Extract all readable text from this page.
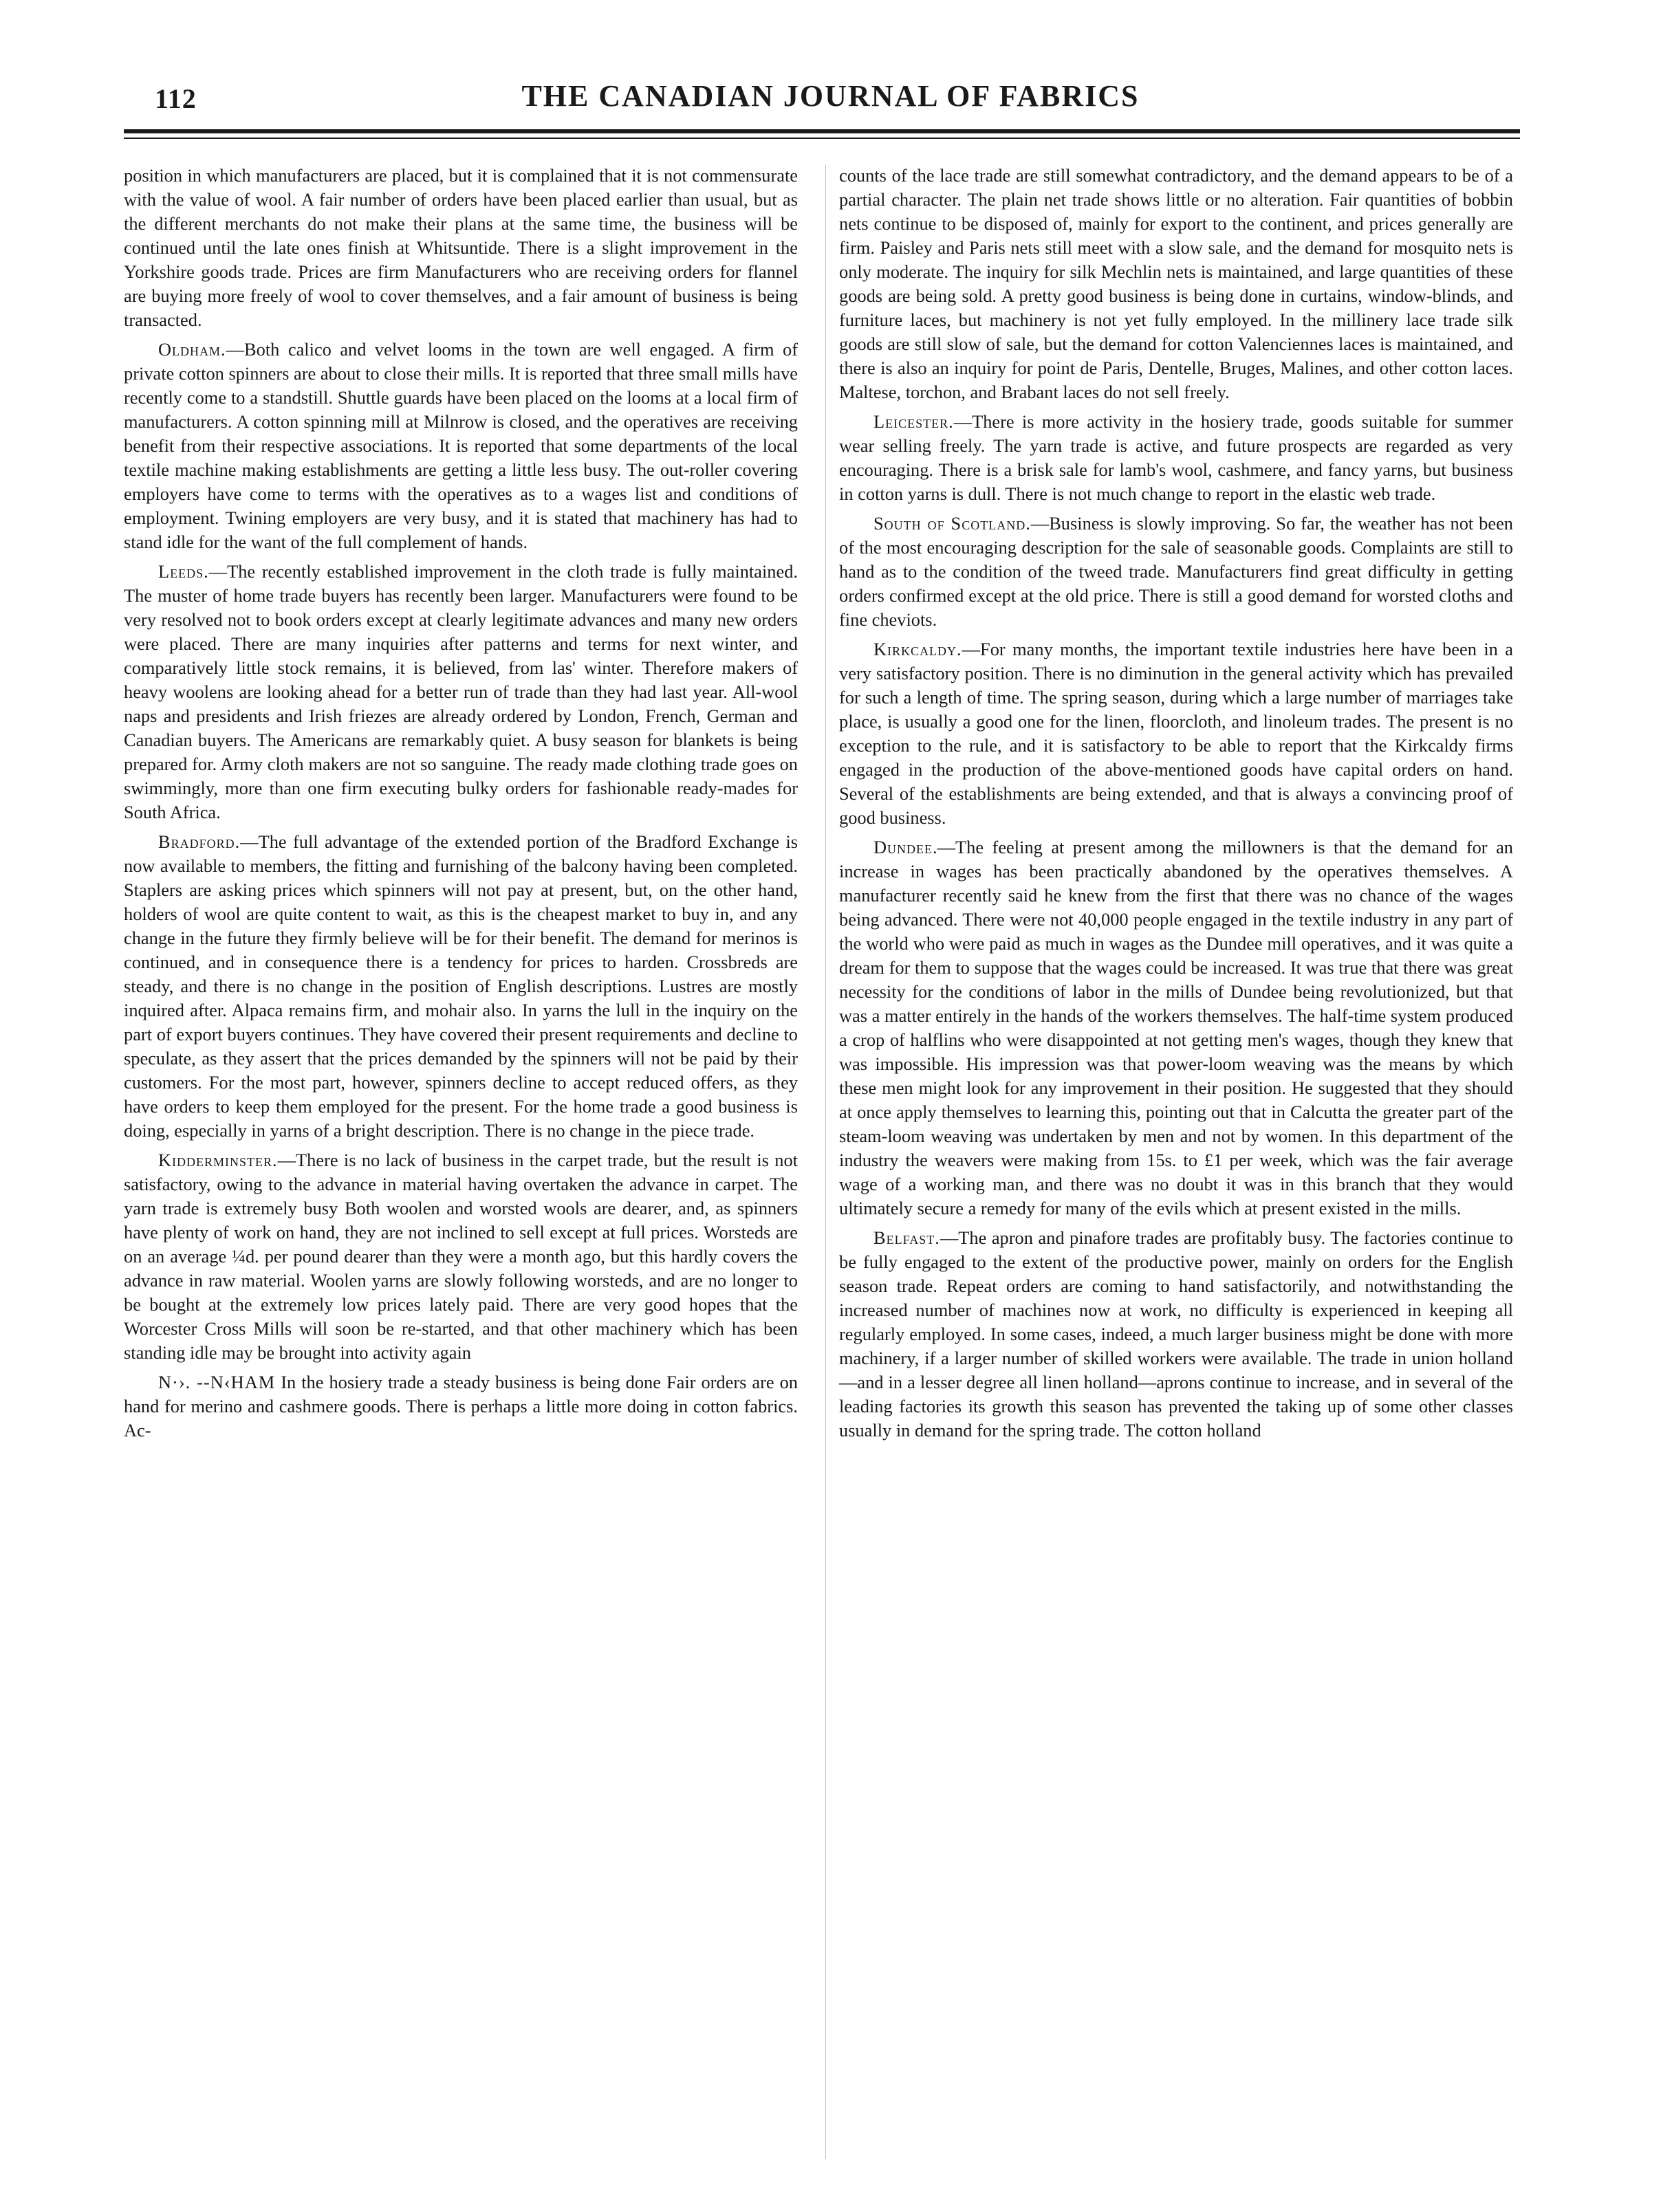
112	THE CANADIAN JOURNAL OF FABRICS

position in which manufacturers are placed, but it is complained that it is not commensurate with the value of wool. A fair number of orders have been placed earlier than usual, but as the different merchants do not make their plans at the same time, the business will be continued until the late ones finish at Whitsuntide. There is a slight improvement in the Yorkshire goods trade. Prices are firm Manufacturers who are receiving orders for flannel are buying more freely of wool to cover themselves, and a fair amount of business is being transacted.

Oldham.—Both calico and velvet looms in the town are well engaged. A firm of private cotton spinners are about to close their mills. It is reported that three small mills have recently come to a standstill. Shuttle guards have been placed on the looms at a local firm of manufacturers. A cotton spinning mill at Milnrow is closed, and the operatives are receiving benefit from their respective associations. It is reported that some departments of the local textile machine making establishments are getting a little less busy. The out-roller covering employers have come to terms with the operatives as to a wages list and conditions of employment. Twining employers are very busy, and it is stated that machinery has had to stand idle for the want of the full complement of hands.

Leeds.—The recently established improvement in the cloth trade is fully maintained. The muster of home trade buyers has recently been larger. Manufacturers were found to be very resolved not to book orders except at clearly legitimate advances and many new orders were placed. There are many inquiries after patterns and terms for next winter, and comparatively little stock remains, it is believed, from las' winter. Therefore makers of heavy woolens are looking ahead for a better run of trade than they had last year. All-wool naps and presidents and Irish friezes are already ordered by London, French, German and Canadian buyers. The Americans are remarkably quiet. A busy season for blankets is being prepared for. Army cloth makers are not so sanguine. The ready made clothing trade goes on swimmingly, more than one firm executing bulky orders for fashionable ready-mades for South Africa.

Bradford.—The full advantage of the extended portion of the Bradford Exchange is now available to members, the fitting and furnishing of the balcony having been completed. Staplers are asking prices which spinners will not pay at present, but, on the other hand, holders of wool are quite content to wait, as this is the cheapest market to buy in, and any change in the future they firmly believe will be for their benefit. The demand for merinos is continued, and in consequence there is a tendency for prices to harden. Crossbreds are steady, and there is no change in the position of English descriptions. Lustres are mostly inquired after. Alpaca remains firm, and mohair also. In yarns the lull in the inquiry on the part of export buyers continues. They have covered their present requirements and decline to speculate, as they assert that the prices demanded by the spinners will not be paid by their customers. For the most part, however, spinners decline to accept reduced offers, as they have orders to keep them employed for the present. For the home trade a good business is doing, especially in yarns of a bright description. There is no change in the piece trade.

Kidderminster.—There is no lack of business in the carpet trade, but the result is not satisfactory, owing to the advance in material having overtaken the advance in carpet. The yarn trade is extremely busy Both woolen and worsted wools are dearer, and, as spinners have plenty of work on hand, they are not inclined to sell except at full prices. Worsteds are on an average ¼d. per pound dearer than they were a month ago, but this hardly covers the advance in raw material. Woolen yarns are slowly following worsteds, and are no longer to be bought at the extremely low prices lately paid. There are very good hopes that the Worcester Cross Mills will soon be re-started, and that other machinery which has been standing idle may be brought into activity again

N·›. ‑‑N‹HAM In the hosiery trade a steady business is being done Fair orders are on hand for merino and cashmere goods. There is perhaps a little more doing in cotton fabrics. Ac-

counts of the lace trade are still somewhat contradictory, and the demand appears to be of a partial character. The plain net trade shows little or no alteration. Fair quantities of bobbin nets continue to be disposed of, mainly for export to the continent, and prices generally are firm. Paisley and Paris nets still meet with a slow sale, and the demand for mosquito nets is only moderate. The inquiry for silk Mechlin nets is maintained, and large quantities of these goods are being sold. A pretty good business is being done in curtains, window-blinds, and furniture laces, but machinery is not yet fully employed. In the millinery lace trade silk goods are still slow of sale, but the demand for cotton Valenciennes laces is maintained, and there is also an inquiry for point de Paris, Dentelle, Bruges, Malines, and other cotton laces. Maltese, torchon, and Brabant laces do not sell freely.

Leicester.—There is more activity in the hosiery trade, goods suitable for summer wear selling freely. The yarn trade is active, and future prospects are regarded as very encouraging. There is a brisk sale for lamb's wool, cashmere, and fancy yarns, but business in cotton yarns is dull. There is not much change to report in the elastic web trade.

South of Scotland.—Business is slowly improving. So far, the weather has not been of the most encouraging description for the sale of seasonable goods. Complaints are still to hand as to the condition of the tweed trade. Manufacturers find great difficulty in getting orders confirmed except at the old price. There is still a good demand for worsted cloths and fine cheviots.

Kirkcaldy.—For many months, the important textile industries here have been in a very satisfactory position. There is no diminution in the general activity which has prevailed for such a length of time. The spring season, during which a large number of marriages take place, is usually a good one for the linen, floorcloth, and linoleum trades. The present is no exception to the rule, and it is satisfactory to be able to report that the Kirkcaldy firms engaged in the production of the above-mentioned goods have capital orders on hand. Several of the establishments are being extended, and that is always a convincing proof of good business.

Dundee.—The feeling at present among the millowners is that the demand for an increase in wages has been practically abandoned by the operatives themselves. A manufacturer recently said he knew from the first that there was no chance of the wages being advanced. There were not 40,000 people engaged in the textile industry in any part of the world who were paid as much in wages as the Dundee mill operatives, and it was quite a dream for them to suppose that the wages could be increased. It was true that there was great necessity for the conditions of labor in the mills of Dundee being revolutionized, but that was a matter entirely in the hands of the workers themselves. The half-time system produced a crop of halflins who were disappointed at not getting men's wages, though they knew that was impossible. His impression was that power-loom weaving was the means by which these men might look for any improvement in their position. He suggested that they should at once apply themselves to learning this, pointing out that in Calcutta the greater part of the steam-loom weaving was undertaken by men and not by women. In this department of the industry the weavers were making from 15s. to £1 per week, which was the fair average wage of a working man, and there was no doubt it was in this branch that they would ultimately secure a remedy for many of the evils which at present existed in the mills.

Belfast.—The apron and pinafore trades are profitably busy. The factories continue to be fully engaged to the extent of the productive power, mainly on orders for the English season trade. Repeat orders are coming to hand satisfactorily, and notwithstanding the increased number of machines now at work, no difficulty is experienced in keeping all regularly employed. In some cases, indeed, a much larger business might be done with more machinery, if a larger number of skilled workers were available. The trade in union holland—and in a lesser degree all linen holland—aprons continue to increase, and in several of the leading factories its growth this season has prevented the taking up of some other classes usually in demand for the spring trade. The cotton holland
